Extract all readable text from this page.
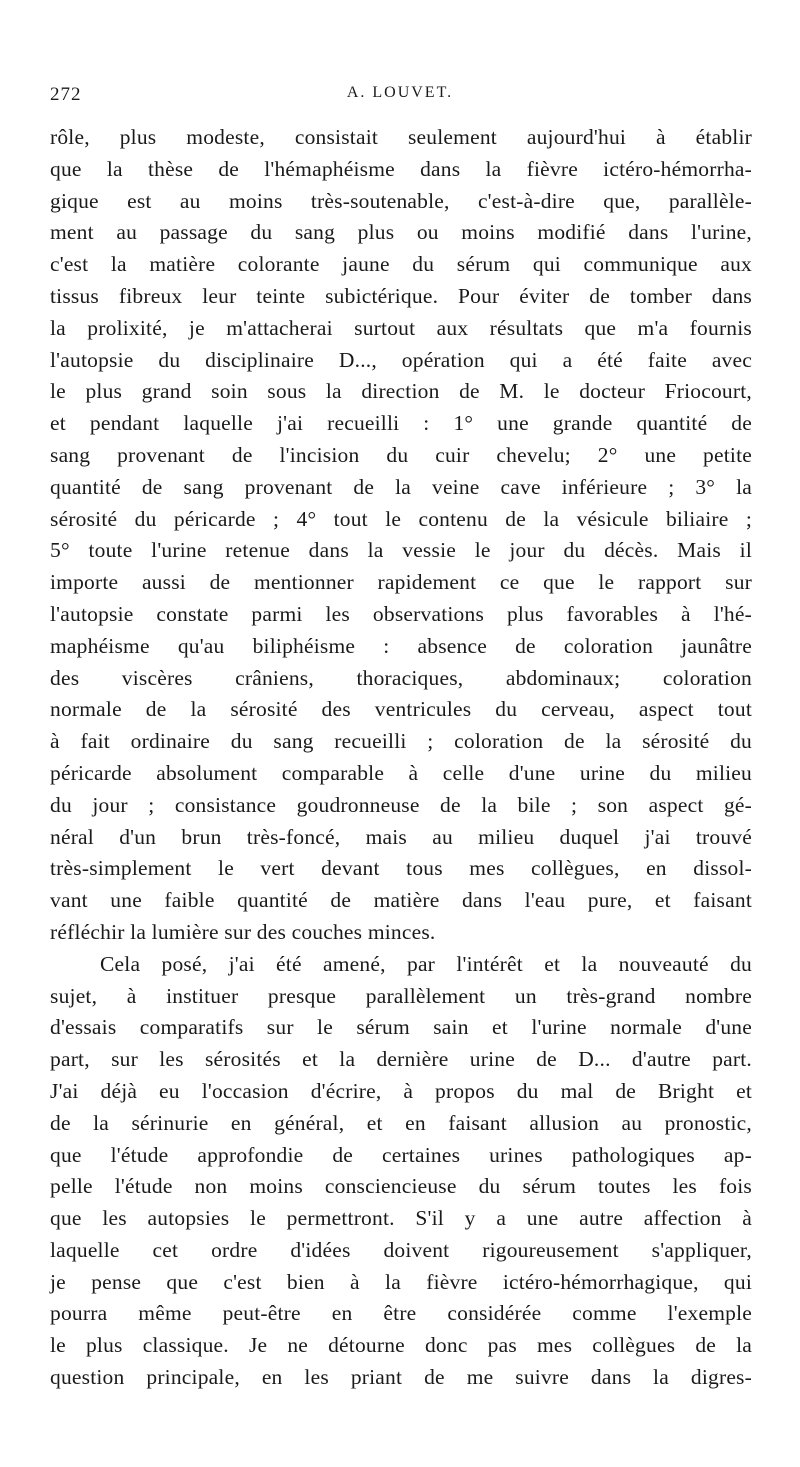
272	A. LOUVET.
rôle, plus modeste, consistait seulement aujourd'hui à établir
que la thèse de l'hémaphéisme dans la fièvre ictéro-hémorrha-
gique est au moins très-soutenable, c'est-à-dire que, parallèle-
ment au passage du sang plus ou moins modifié dans l'urine,
c'est la matière colorante jaune du sérum qui communique aux
tissus fibreux leur teinte subictérique. Pour éviter de tomber dans
la prolixité, je m'attacherai surtout aux résultats que m'a fournis
l'autopsie du disciplinaire D..., opération qui a été faite avec
le plus grand soin sous la direction de M. le docteur Friocourt,
et pendant laquelle j'ai recueilli : 1° une grande quantité de
sang provenant de l'incision du cuir chevelu; 2° une petite
quantité de sang provenant de la veine cave inférieure ; 3° la
sérosité du péricarde ; 4° tout le contenu de la vésicule biliaire ;
5° toute l'urine retenue dans la vessie le jour du décès. Mais il
importe aussi de mentionner rapidement ce que le rapport sur
l'autopsie constate parmi les observations plus favorables à l'hé-
maphéisme qu'au biliphéisme : absence de coloration jaunâtre
des viscères crâniens, thoraciques, abdominaux; coloration
normale de la sérosité des ventricules du cerveau, aspect tout
à fait ordinaire du sang recueilli ; coloration de la sérosité du
péricarde absolument comparable à celle d'une urine du milieu
du jour ; consistance goudronneuse de la bile ; son aspect gé-
néral d'un brun très-foncé, mais au milieu duquel j'ai trouvé
très-simplement le vert devant tous mes collègues, en dissol-
vant une faible quantité de matière dans l'eau pure, et faisant
réfléchir la lumière sur des couches minces.
Cela posé, j'ai été amené, par l'intérêt et la nouveauté du
sujet, à instituer presque parallèlement un très-grand nombre
d'essais comparatifs sur le sérum sain et l'urine normale d'une
part, sur les sérosités et la dernière urine de D... d'autre part.
J'ai déjà eu l'occasion d'écrire, à propos du mal de Bright et
de la sérinurie en général, et en faisant allusion au pronostic,
que l'étude approfondie de certaines urines pathologiques ap-
pelle l'étude non moins consciencieuse du sérum toutes les fois
que les autopsies le permettront. S'il y a une autre affection à
laquelle cet ordre d'idées doivent rigoureusement s'appliquer,
je pense que c'est bien à la fièvre ictéro-hémorrhagique, qui
pourra même peut-être en être considérée comme l'exemple
le plus classique. Je ne détourne donc pas mes collègues de la
question principale, en les priant de me suivre dans la digres-
